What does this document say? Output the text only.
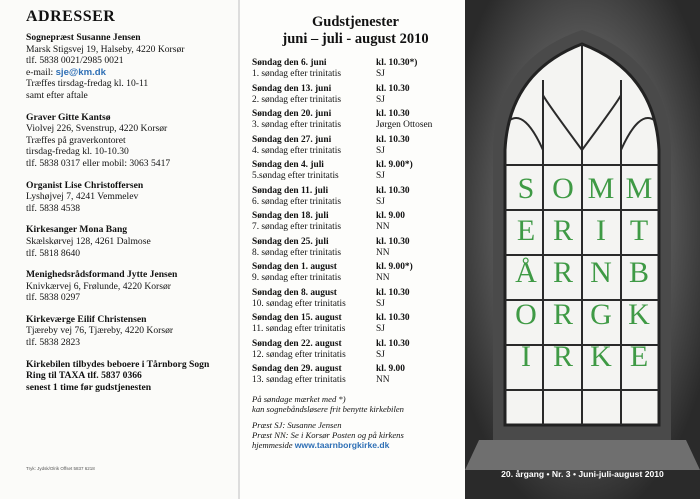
ADRESSER
Sognepræst Susanne Jensen
Marsk Stigsvej 19, Halseby, 4220 Korsør
tlf. 5838 0021/2985 0021
e-mail: sje@km.dk
Træffes tirsdag-fredag kl. 10-11
samt efter aftale
Graver Gitte Kantsø
Violvej 226, Svenstrup, 4220 Korsør
Træffes på graverkontoret
tirsdag-fredag kl. 10-10.30
tlf. 5838 0317 eller mobil: 3063 5417
Organist Lise Christoffersen
Lyshøjvej 7, 4241 Vemmelev
tlf. 5838 4538
Kirkesanger Mona Bang
Skælskørvej 128, 4261 Dalmose
tlf. 5818 8640
Menighedsrådsformand Jytte Jensen
Knivkærvej 6, Frølunde, 4220 Korsør
tlf. 5838 0297
Kirkeværge Eilif Christensen
Tjæreby vej 76, Tjæreby, 4220 Korsør
tlf. 5838 2823
Kirkebilen tilbydes beboere i Tårnborg Sogn
Ring til TAXA tlf. 5837 0366
senest 1 time før gudstjenesten
Tryk: Jydsk/Olrik Offset 5837 6218
Gudstjenester
juni – juli - august 2010
Søndag den 6. juni
1. søndag efter trinitatis
kl. 10.30*)
SJ
Søndag den 13. juni
2. søndag efter trinitatis
kl. 10.30
SJ
Søndag den 20. juni
3. søndag efter trinitatis
kl. 10.30
Jørgen Ottosen
Søndag den 27. juni
4. søndag efter trinitatis
kl. 10.30
SJ
Søndag den 4. juli
5.søndag efter trinitatis
kl. 9.00*)
SJ
Søndag den 11. juli
6. søndag efter trinitatis
kl. 10.30
SJ
Søndag den 18. juli
7. søndag efter trinitatis
kl. 9.00
NN
Søndag den 25. juli
8. søndag efter trinitatis
kl. 10.30
NN
Søndag den 1. august
9. søndag efter trinitatis
kl. 9.00*)
NN
Søndag den 8. august
10. søndag efter trinitatis
kl. 10.30
SJ
Søndag den 15. august
11. søndag efter trinitatis
kl. 10.30
SJ
Søndag den 22. august
12. søndag efter trinitatis
kl. 10.30
SJ
Søndag den 29. august
13. søndag efter trinitatis
kl. 9.00
NN
På søndage mærket med *)
kan sognebåndsløsere frit benytte kirkebilen
Præst SJ: Susanne Jensen
Præst NN: Se i Korsør Posten og på kirkens
hjemmeside www.taarnborgkirke.dk
S O M M
E R I T
Å R N B
O R G K
I R K E
20. årgang • Nr. 3 • Juni-juli-august 2010
